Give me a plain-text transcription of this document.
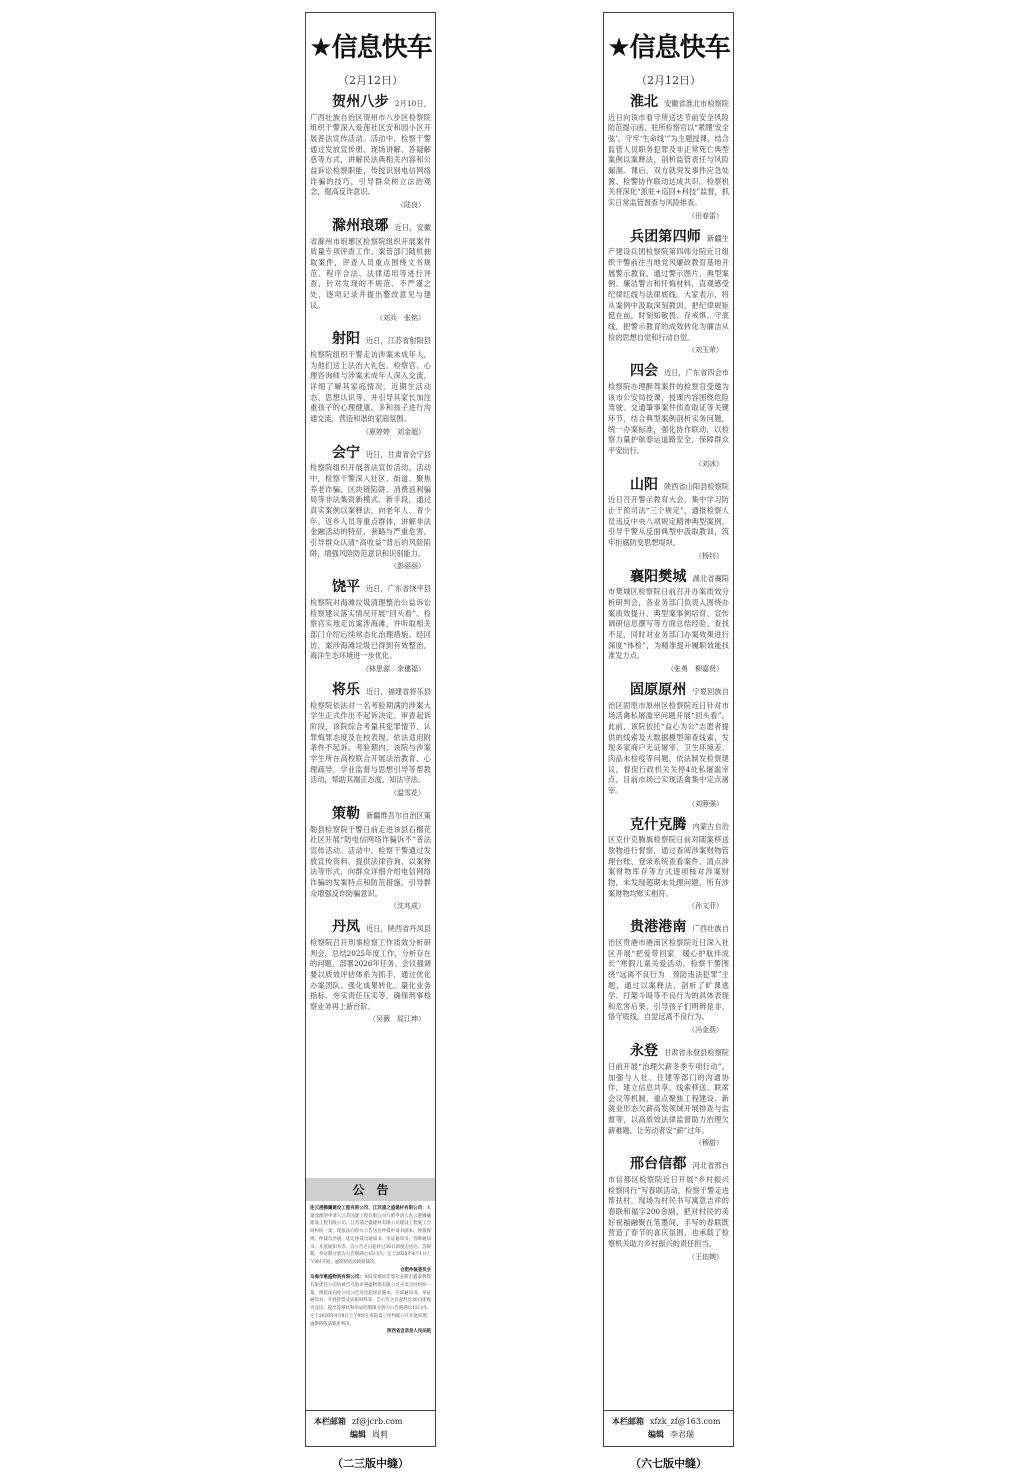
★信息快车
（2月12日）
贺州八步 2月10日，广西壮族自治区贺州市八步区检察院组织干警深入爱莲社区安和园小区开展普法宣传活动。活动中，检察干警通过发放宣传册、现场讲解、答疑解惑等方式，讲解民法典相关内容和公益诉讼检察职能，传授识别电信网络诈骗的技巧，引导群众树立法治观念，提高反诈意识。
（陆良）
滁州琅琊 近日，安徽省滁州市琅琊区检察院组织开展案件质量专项评查工作。案管部门随机抽取案件，评查人员重点围绕文书规范、程序合法、法律适用等进行评查，针对发现的不规范、不严谨之处，逐项记录并提出整改意见与建议。
（刘兵　张铭）
射阳 近日，江苏省射阳县检察院组织干警走访涉案未成年人，为他们送上法治大礼包。检察官、心理咨询师与涉案未成年人深入交流，详细了解其家庭情况、近期生活动态、思想认识等，并引导其家长加注重孩子的心理健康，多和孩子进行沟通交流，营造和谐的家庭氛围。
（夏婷婷　刘金超）
会宁 近日，甘肃省会宁县检察院组织开展普法宣传活动。活动中，检察干警深入社区、街道、聚焦养老诈骗、区块链陷阱、消费返利骗局等非法集资新模式、新手段，通过真实案例以案释法，向老年人、青少年、返乡人员等重点群体，讲解非法金融活动的特征、套路与严重危害，引导群众认清“高收益”背后的风险陷阱，增强风险防范意识和识别能力。
（彭丽丽）
饶平 近日，广东省饶平县检察院对海滩垃圾清理整治公益诉讼检察建议落实情况开展“回头看”。检察官实地走访案涉海滩，并听取相关部门介绍后续常态化治理措施。经回访，案涉海滩垃圾已得到有效整治，海洋生态环境进一步优化。
（林思源　余穗福）
将乐 近日，福建省将乐县检察院依法对一名考验期满的涉案大学生正式作出不起诉决定。审查起诉阶段，该院综合考量其犯罪情节、认罪悔罪态度及在校表现，依法适用附条件不起诉。考验期内，该院与涉案学生所在高校联合开展法治教育、心理疏导，学业监督与思想引导等帮教活动，帮助其端正态度、知法守法。
（温雪花）
策勒 新疆维吾尔自治区策勒县检察院干警日前走进该县石榴花社区开展“防电信网络诈骗诉不”普法宣传活动。活动中，检察干警通过发放宣传资料、提供法律咨询、以案释法等形式，向群众详细介绍电信网络诈骗的发案特点和防范措施，引导群众增强反诈防骗意识。
（沈兆成）
丹凤 近日，陕西省丹凤县检察院召开刑事检察工作质效分析研判会，总结2025年度工作，分析存在的问题，部署2026年任务。会议强调要以质效评估体系为抓手，通过优化办案团队、强化成果转化、量化业务指标、夯实责任压实等，确保刑事检察业务再上新台阶。
（吴薇　屈江坤）
公　告
连云港腾骧建设工程有限公司、江苏浦之盛建材有限公司：本案受理的申请人江苏国建工程有限公司与被申请人连云港腾骧建设工程有限公司、江苏浦之盛建材有限公司建设工程施工合同纠纷一案，现依法向你方公告送达仲裁申请书副本、仲裁规则、仲裁员名册、选定仲裁员通知书、举证通知书、答辩通知书、开庭通知书等。自公告之日起经过30日即视为送达。答辩期、举证期分别为公告期满后15日内，定于2026年4月1日上午9时开庭。逾期将依法缺席裁决。
合肥仲裁委员会
乌海市惠盛物资有限公司：本院受理原告鄂尔多斯市鑫泰物资有限责任公司诉被告乌海市惠盛物资有限公司买卖合同纠纷一案，现依法向你公司公告送达起诉状副本、应诉通知书、举证通知书、开庭传票及证据材料等。自公告之日起经过30日即视为送达。提出答辩状和举证的期限分别为公告期满后15日内。定于2026年4月8日上午9时在本院第三审判庭公开开庭审理，逾期将依法缺席判决。
陕西省宜君县人民法院
本栏邮箱 zf@jcrb.com
编辑 周莉
（二三版中缝）
★信息快车
（2月12日）
淮北 安徽省淮北市检察院近日向该市看守所送达节前安全风险防范提示函，驻所检察官以“紧绷‘安全弦’、守牢‘生命线’”为主题授课，结合监管人员职务犯罪及非正常死亡典型案例以案释法，剖析监管责任与风险漏洞。课后，双方就突发事件应急处置、检警协作联动达成共识。检察机关将深化“派驻+巡回+科技”监督，抓实日常监管督查与风险排查。
（田春雷）
兵团第四师 新疆生产建设兵团检察院第四师分院近日组织干警前往当地党风廉政教育基地开展警示教育，通过警示图片、典型案例、廉洁警言和忏悔材料，直观感受纪律红线与法律底线。大家表示，将从案例中汲取深刻教训，把纪律规矩挺在前，时刻知敬畏、存戒惧、守底线，把警示教育的成效转化为廉洁从检的思想自觉和行动自觉。
（刘玉荣）
四会 近日，广东省四会市检察院办理醉驾案件的检察官受邀为该市公安局授课，授课内容围绕危险驾驶、交通肇事案件侦查取证等关键环节，结合典型案例剖析实务问题，统一办案标准，强化协作联动，以检察力量护航春运道路安全，保障群众平安出行。
（刘冰）
山阳 陕西省山阳县检察院近日召开警示教育大会，集中学习防止干预司法“三个规定”，通报检察人员违反中央八项规定精神典型案例，引导干警从反面典型中汲取教训，筑牢拒腐防变思想堤坝。
（杨钊）
襄阳樊城 湖北省襄阳市樊城区检察院日前召开办案质效分析研判会，各业务部门负责人围绕办案质效提升、典型案事例培育、宣传调研信息撰写等方面总结经验、查找不足，同时对业务部门办案效果进行深度“体检”，为精准提升履职效能找准发力点。
（张勇　柳嘉贤）
固原原州 宁夏回族自治区固原市原州区检察院近日针对市场活禽私屠滥宰问题开展“回头看”。此前，该院依托“益心为公”志愿者提供的线索及大数据模型筛查线索，发现多家商户无证屠宰、卫生环境差、肉品未检疫等问题，依法制发检察建议，督促行政机关关停4处私屠滥宰点，目前市场已实现活禽集中定点屠宰。
（刘蓉强）
克什克腾 内蒙古自治区克什克腾旗检察院日前对随案移送款物进行督察，通过查阅涉案财物管理台账、登录系统查看案件、清点涉案财物库存等方式逐项核对涉案财物，未发现超期未处理问题，所有涉案财物均账实相符。
（孙文菲）
贵港港南 广西壮族自治区贵港市港南区检察院近日深入社区开展“把爱带回家　暖心护航伴成长”寒假儿童关爱活动，检察干警围绕“远离不良行为　预防违法犯罪”主题，通过以案释法，剖析了旷课逃学、打架斗殴等不良行为的具体表现和危害后果，引导孩子们明辨是非、恪守底线，自觉远离不良行为。
（冯金燕）
永登 甘肃省永登县检察院日前开展“治理欠薪冬季专项行动”，加强与人社、住建等部门的沟通协作，建立信息共享、线索移送、联席会议等机制，重点聚焦工程建设、新就业形态欠薪高发领域开展排查与监督等，以高质效法律监督助力治理欠薪难题，让劳动者安“薪”过年。
（穆甜）
邢台信都 河北省邢台市信都区检察院近日开展“乡村振兴　检察同行”写春联活动，检察干警走进帮扶村，现场为村民书写寓意吉祥的春联和福字200余副，把对村民的美好祝福融聚在笔墨间，手写的春联既营造了春节的喜庆氛围，也承载了检察机关助力乡村振兴的责任担当。
（王依婉）
本栏邮箱 xfzk_zf@163.com
编辑 李君瑞
（六七版中缝）
